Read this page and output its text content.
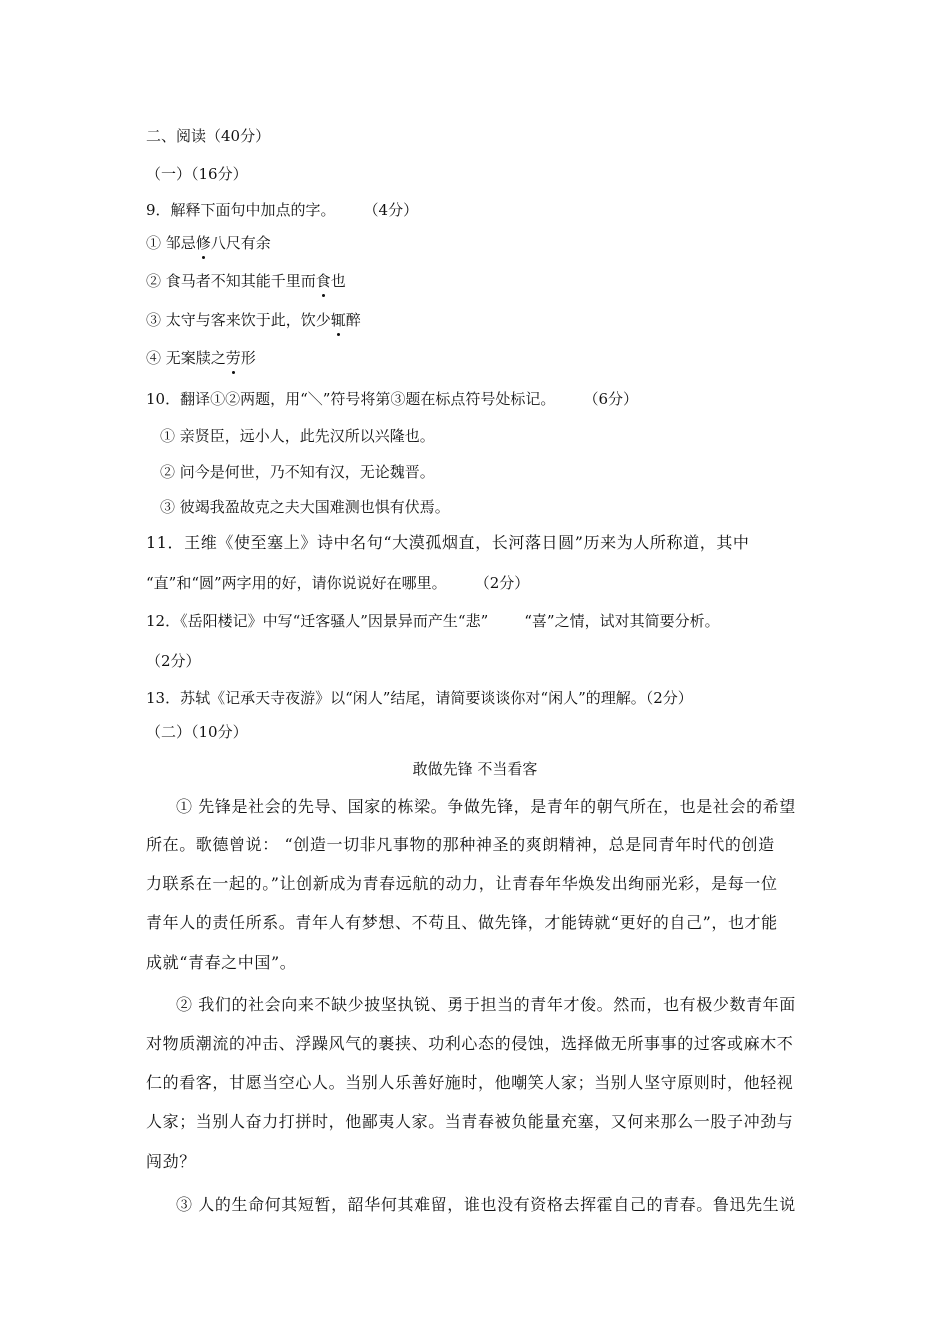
二、阅读（40分）

（一）（16分）

9．解释下面句中加点的字。 （4分）

① 邹忌修八尺有余

② 食马者不知其能千里而食也

③ 太守与客来饮于此，饮少辄醉

④ 无案牍之劳形

10．翻译①②两题，用“＼”符号将第③题在标点符号处标记。 （6分）

① 亲贤臣，远小人，此先汉所以兴隆也。

② 问今是何世，乃不知有汉，无论魏晋。

③ 彼竭我盈故克之夫大国难测也惧有伏焉。

11．王维《使至塞上》诗中名句“大漠孤烟直，长河落日圆”历来为人所称道，其中

“直”和“圆”两字用的好，请你说说好在哪里。 （2分）

12．《岳阳楼记》中写“迁客骚人”因景异而产生“悲” “喜”之情，试对其简要分析。

（2分）

13．苏轼《记承天寺夜游》以“闲人”结尾，请简要谈谈你对“闲人”的理解。（2分）

（二）（10分）

敢做先锋 不当看客

① 先锋是社会的先导、国家的栋梁。争做先锋，是青年的朝气所在，也是社会的希望

所在。歌德曾说： “创造一切非凡事物的那种神圣的爽朗精神，总是同青年时代的创造

力联系在一起的。”让创新成为青春远航的动力，让青春年华焕发出绚丽光彩，是每一位

青年人的责任所系。青年人有梦想、不苟且、做先锋，才能铸就“更好的自己”，也才能

成就“青春之中国”。

② 我们的社会向来不缺少披坚执锐、勇于担当的青年才俊。然而，也有极少数青年面

对物质潮流的冲击、浮躁风气的裹挟、功利心态的侵蚀，选择做无所事事的过客或麻木不

仁的看客，甘愿当空心人。当别人乐善好施时，他嘲笑人家；当别人坚守原则时，他轻视

人家；当别人奋力打拼时，他鄙夷人家。当青春被负能量充塞，又何来那么一股子冲劲与

闯劲？

③ 人的生命何其短暂，韶华何其难留，谁也没有资格去挥霍自己的青春。鲁迅先生说
